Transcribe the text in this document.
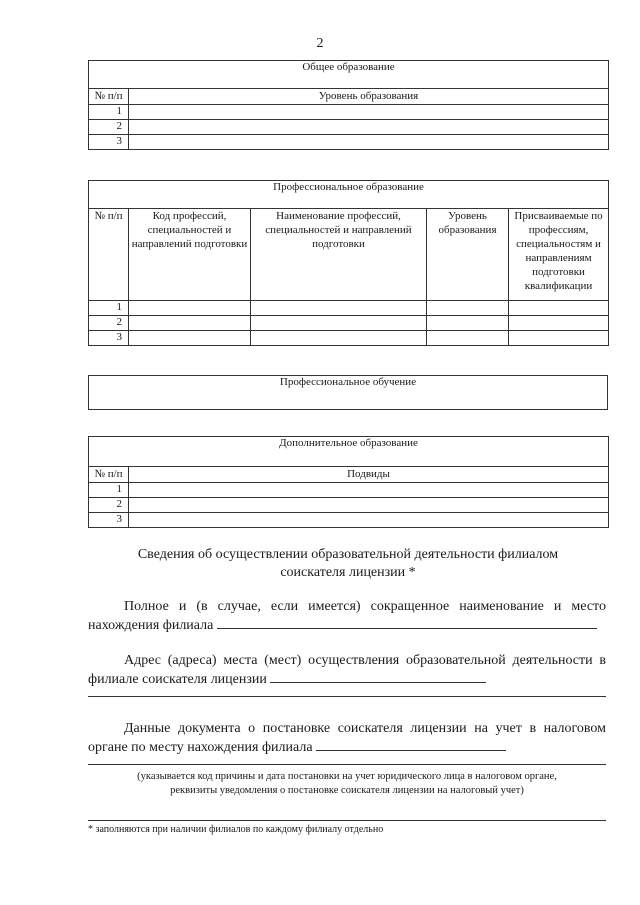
2
Общее образование	
№ п/п	Уровень образования
1	
2	
3	
Профессиональное образование				
№ п/п	Код профессий, специальностей и направлений подготовки	Наименование профессий, специальностей и направлений подготовки	Уровень образования	Присваиваемые по профессиям, специальностям и направлениям подготовки квалификации
1				
2				
3				
Профессиональное обучение
Дополнительное образование	
№ п/п	Подвиды
1	
2	
3	
Сведения об осуществлении образовательной деятельности филиалом
соискателя лицензии *
Полное и (в случае, если имеется) сокращенное наименование и место нахождения филиала
Адрес (адреса) места (мест) осуществления образовательной деятельности в филиале соискателя лицензии
Данные документа о постановке соискателя лицензии на учет в налоговом органе по месту нахождения филиала
(указывается код причины и дата постановки на учет юридического лица в налоговом органе,
реквизиты уведомления о постановке соискателя лицензии на налоговый учет)
* заполняются при наличии филиалов по каждому филиалу отдельно
